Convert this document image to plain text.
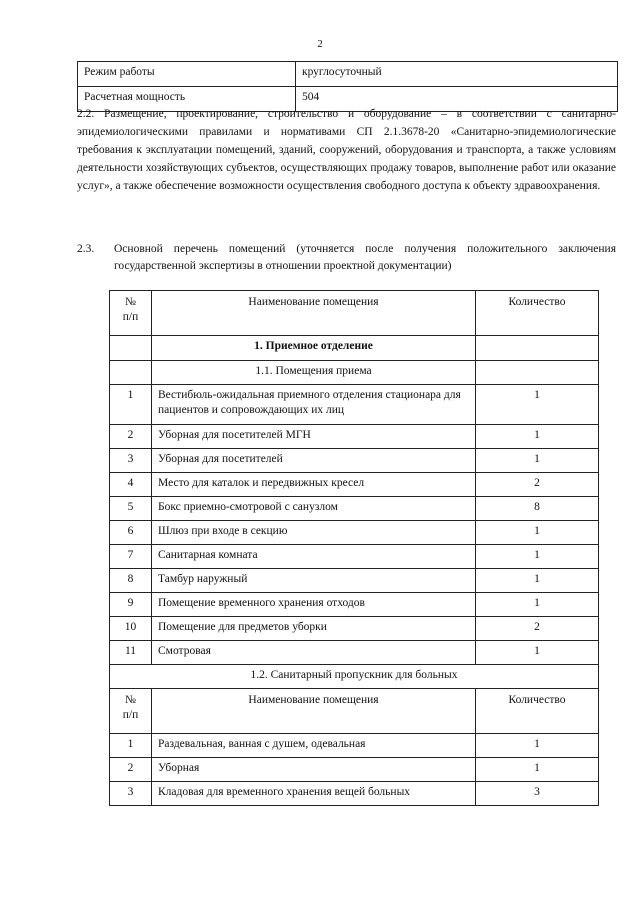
2
Режим работы	круглосуточный
Расчетная мощность	504
2.2. Размещение, проектирование, строительство и оборудование – в соответствии с санитарно-эпидемиологическими правилами и нормативами СП 2.1.3678-20 «Санитарно-эпидемиологические требования к эксплуатации помещений, зданий, сооружений, оборудования и транспорта, а также условиям деятельности хозяйствующих субъектов, осуществляющих продажу товаров, выполнение работ или оказание услуг», а также обеспечение возможности осуществления свободного доступа к объекту здравоохранения.
2.3. Основной перечень помещений (уточняется после получения положительного заключения государственной экспертизы в отношении проектной документации)
№
п/п	Наименование помещения	Количество
	1. Приемное отделение	
	1.1. Помещения приема	
1	Вестибюль-ожидальная приемного отделения стационара для пациентов и сопровождающих их лиц	1
2	Уборная для посетителей МГН	1
3	Уборная для посетителей	1
4	Место для каталок и передвижных кресел	2
5	Бокс приемно-смотровой с санузлом	8
6	Шлюз при входе в секцию	1
7	Санитарная комната	1
8	Тамбур наружный	1
9	Помещение временного хранения отходов	1
10	Помещение для предметов уборки	2
11	Смотровая	1
1.2. Санитарный пропускник для больных		
№
п/п	Наименование помещения	Количество
1	Раздевальная, ванная с душем, одевальная	1
2	Уборная	1
3	Кладовая для временного хранения вещей больных	3
